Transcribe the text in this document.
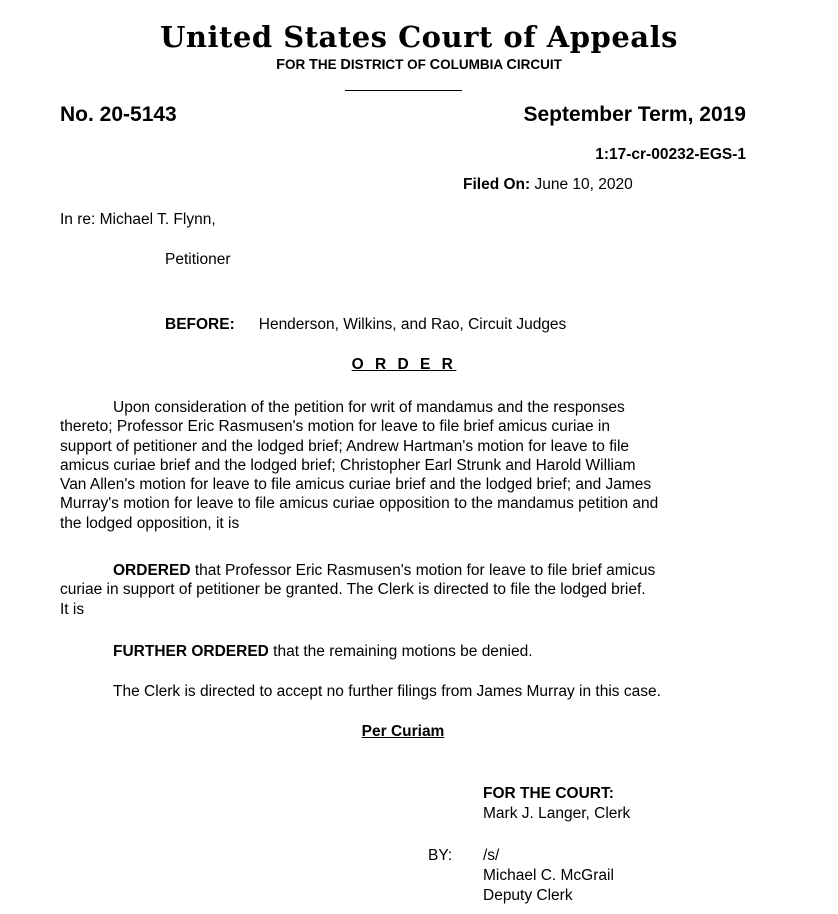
United States Court of Appeals
FOR THE DISTRICT OF COLUMBIA CIRCUIT
No. 20-5143	September Term, 2019
1:17-cr-00232-EGS-1
Filed On: June 10, 2020
In re: Michael T. Flynn,
Petitioner
BEFORE: Henderson, Wilkins, and Rao, Circuit Judges
O R D E R
Upon consideration of the petition for writ of mandamus and the responses
thereto; Professor Eric Rasmusen's motion for leave to file brief amicus curiae in
support of petitioner and the lodged brief; Andrew Hartman's motion for leave to file
amicus curiae brief and the lodged brief; Christopher Earl Strunk and Harold William
Van Allen's motion for leave to file amicus curiae brief and the lodged brief; and James
Murray's motion for leave to file amicus curiae opposition to the mandamus petition and
the lodged opposition, it is
ORDERED that Professor Eric Rasmusen's motion for leave to file brief amicus
curiae in support of petitioner be granted. The Clerk is directed to file the lodged brief.
It is
FURTHER ORDERED that the remaining motions be denied.
The Clerk is directed to accept no further filings from James Murray in this case.
Per Curiam
FOR THE COURT:
Mark J. Langer, Clerk
BY: /s/
Michael C. McGrail
Deputy Clerk
